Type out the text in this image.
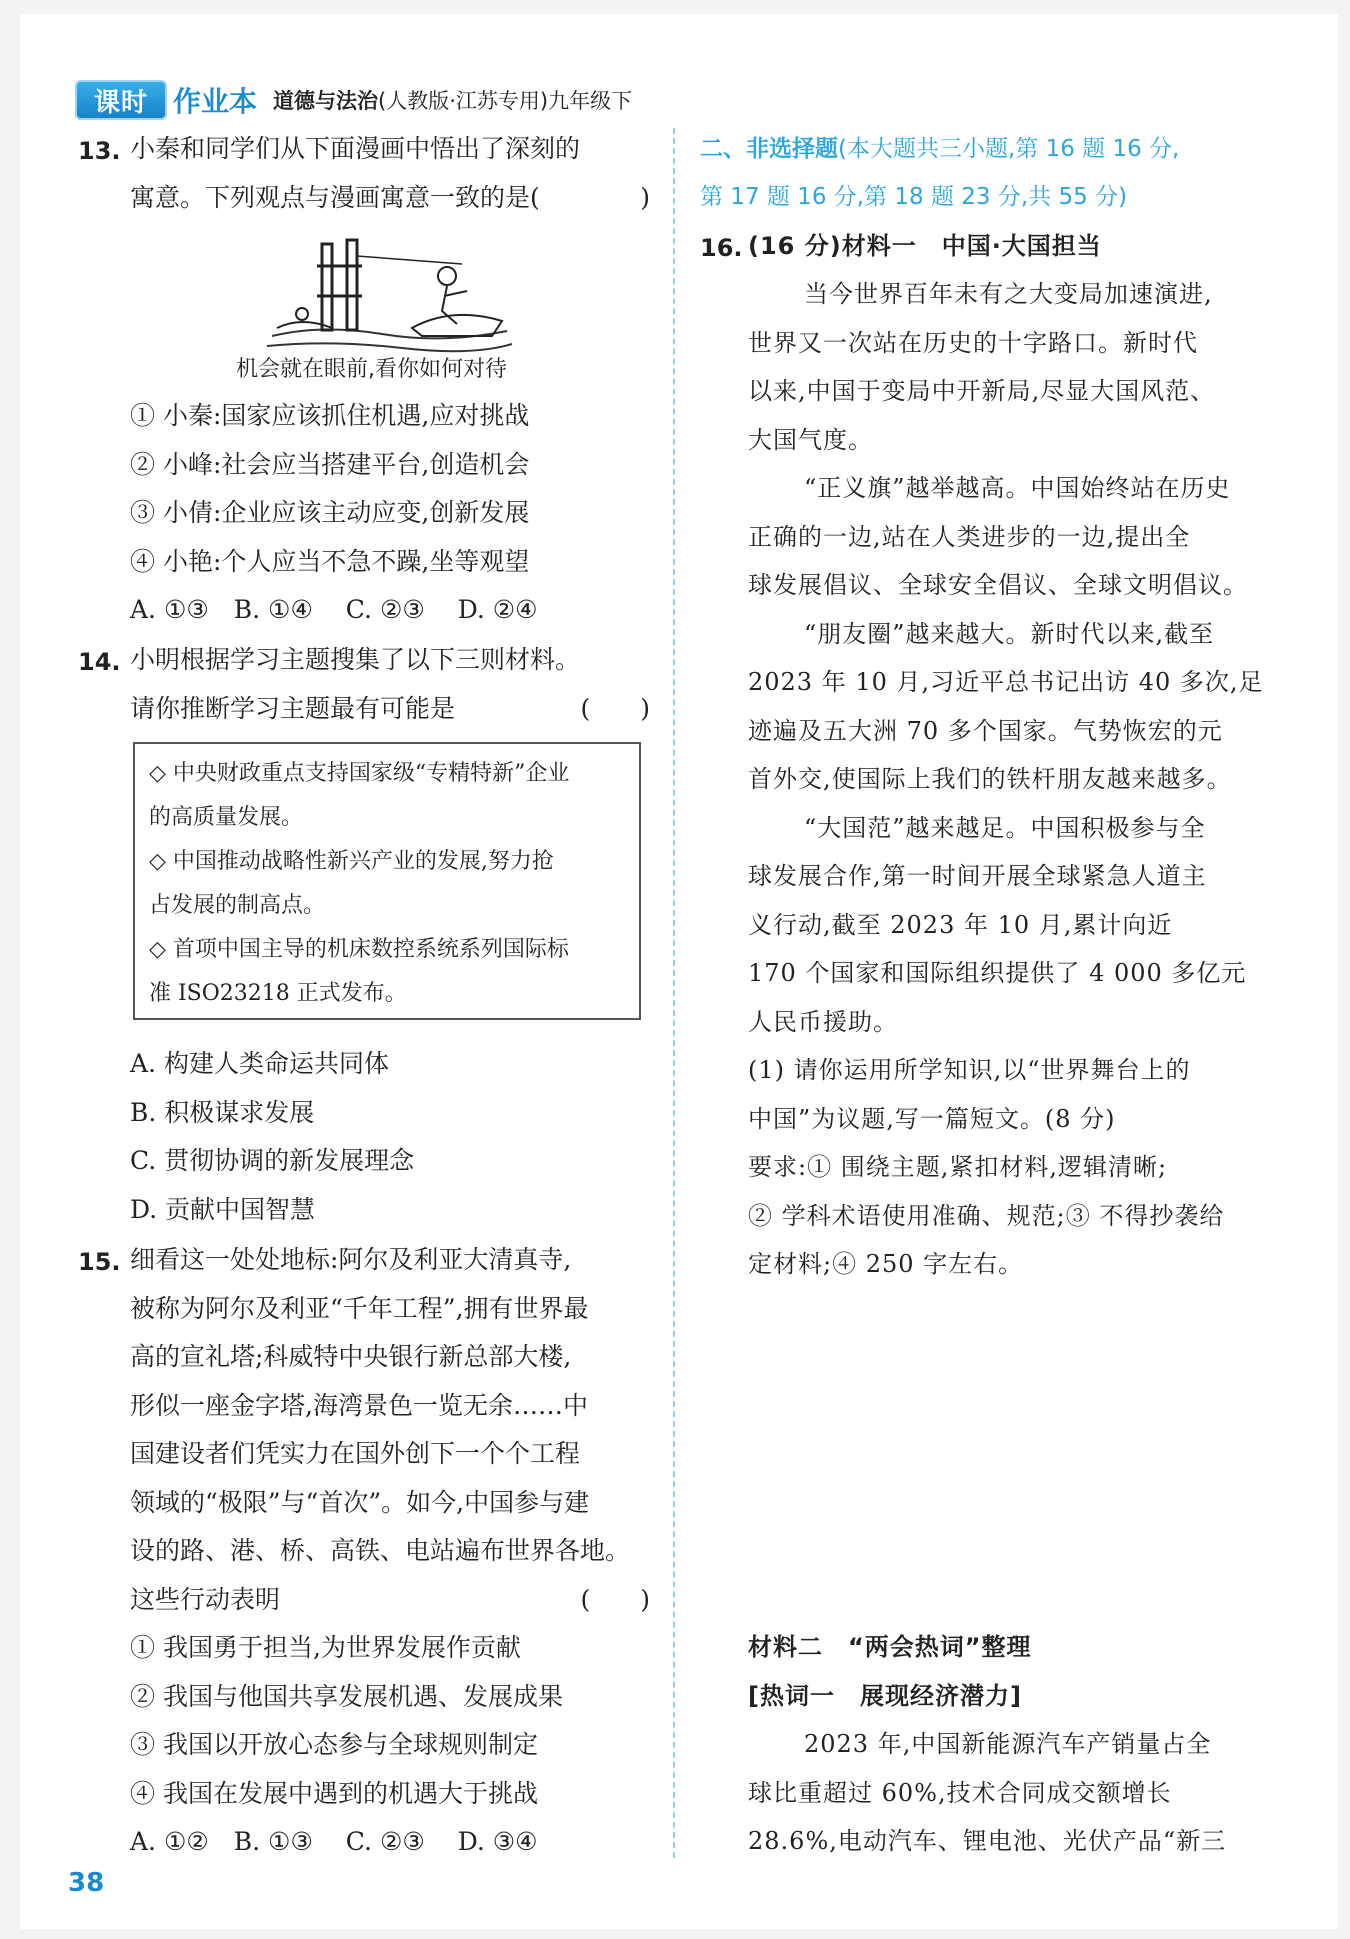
课时 作业本 道德与法治(人教版·江苏专用)九年级下
13. 小秦和同学们从下面漫画中悟出了深刻的
寓意。下列观点与漫画寓意一致的是(	)
机会就在眼前,看你如何对待
① 小秦:国家应该抓住机遇,应对挑战
② 小峰:社会应当搭建平台,创造机会
③ 小倩:企业应该主动应变,创新发展
④ 小艳:个人应当不急不躁,坐等观望
A. ①③　B. ①④　 C. ②③　 D. ②④
14. 小明根据学习主题搜集了以下三则材料。
请你推断学习主题最有可能是	(　　)
◇ 中央财政重点支持国家级“专精特新”企业
的高质量发展。
◇ 中国推动战略性新兴产业的发展,努力抢
占发展的制高点。
◇ 首项中国主导的机床数控系统系列国际标
准 ISO23218 正式发布。
A. 构建人类命运共同体
B. 积极谋求发展
C. 贯彻协调的新发展理念
D. 贡献中国智慧
15. 细看这一处处地标:阿尔及利亚大清真寺,
被称为阿尔及利亚“千年工程”,拥有世界最
高的宣礼塔;科威特中央银行新总部大楼,
形似一座金字塔,海湾景色一览无余……中
国建设者们凭实力在国外创下一个个工程
领域的“极限”与“首次”。如今,中国参与建
设的路、港、桥、高铁、电站遍布世界各地。
这些行动表明	(　　)
① 我国勇于担当,为世界发展作贡献
② 我国与他国共享发展机遇、发展成果
③ 我国以开放心态参与全球规则制定
④ 我国在发展中遇到的机遇大于挑战
A. ①②　B. ①③　 C. ②③　 D. ③④
二、非选择题(本大题共三小题,第 16 题 16 分,
第 17 题 16 分,第 18 题 23 分,共 55 分)
16. (16 分)材料一　中国·大国担当
当今世界百年未有之大变局加速演进,
世界又一次站在历史的十字路口。新时代
以来,中国于变局中开新局,尽显大国风范、
大国气度。
“正义旗”越举越高。中国始终站在历史
正确的一边,站在人类进步的一边,提出全
球发展倡议、全球安全倡议、全球文明倡议。
“朋友圈”越来越大。新时代以来,截至
2023 年 10 月,习近平总书记出访 40 多次,足
迹遍及五大洲 70 多个国家。气势恢宏的元
首外交,使国际上我们的铁杆朋友越来越多。
“大国范”越来越足。中国积极参与全
球发展合作,第一时间开展全球紧急人道主
义行动,截至 2023 年 10 月,累计向近
170 个国家和国际组织提供了 4 000 多亿元
人民币援助。
(1) 请你运用所学知识,以“世界舞台上的
中国”为议题,写一篇短文。(8 分)
要求:① 围绕主题,紧扣材料,逻辑清晰;
② 学科术语使用准确、规范;③ 不得抄袭给
定材料;④ 250 字左右。
材料二　“两会热词”整理
[热词一　展现经济潜力]
2023 年,中国新能源汽车产销量占全
球比重超过 60%,技术合同成交额增长
28.6%,电动汽车、锂电池、光伏产品“新三
38
